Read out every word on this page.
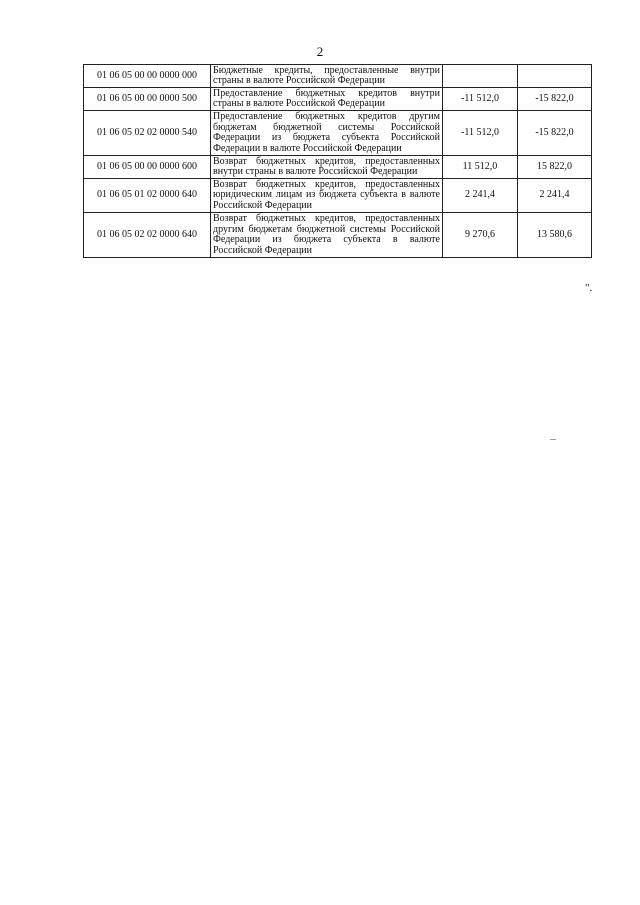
2
01 06 05 00 00 0000 000	Бюджетные кредиты, предоставленные внутри страны в валюте Российской Федерации		
01 06 05 00 00 0000 500	Предоставление бюджетных кредитов внутри страны в валюте Российской Федерации	-11 512,0	-15 822,0
01 06 05 02 02 0000 540	Предоставление бюджетных кредитов другим бюджетам бюджетной системы Российской Федерации из бюджета субъекта Российской Федерации в валюте Российской Федерации	-11 512,0	-15 822,0
01 06 05 00 00 0000 600	Возврат бюджетных кредитов, предоставленных внутри страны в валюте Российской Федерации	11 512,0	15 822,0
01 06 05 01 02 0000 640	Возврат бюджетных кредитов, предоставленных юридическим лицам из бюджета субъекта в валюте Российской Федерации	2 241,4	2 241,4
01 06 05 02 02 0000 640	Возврат бюджетных кредитов, предоставленных другим бюджетам бюджетной системы Российской Федерации из бюджета субъекта в валюте Российской Федерации	9 270,6	13 580,6
".
